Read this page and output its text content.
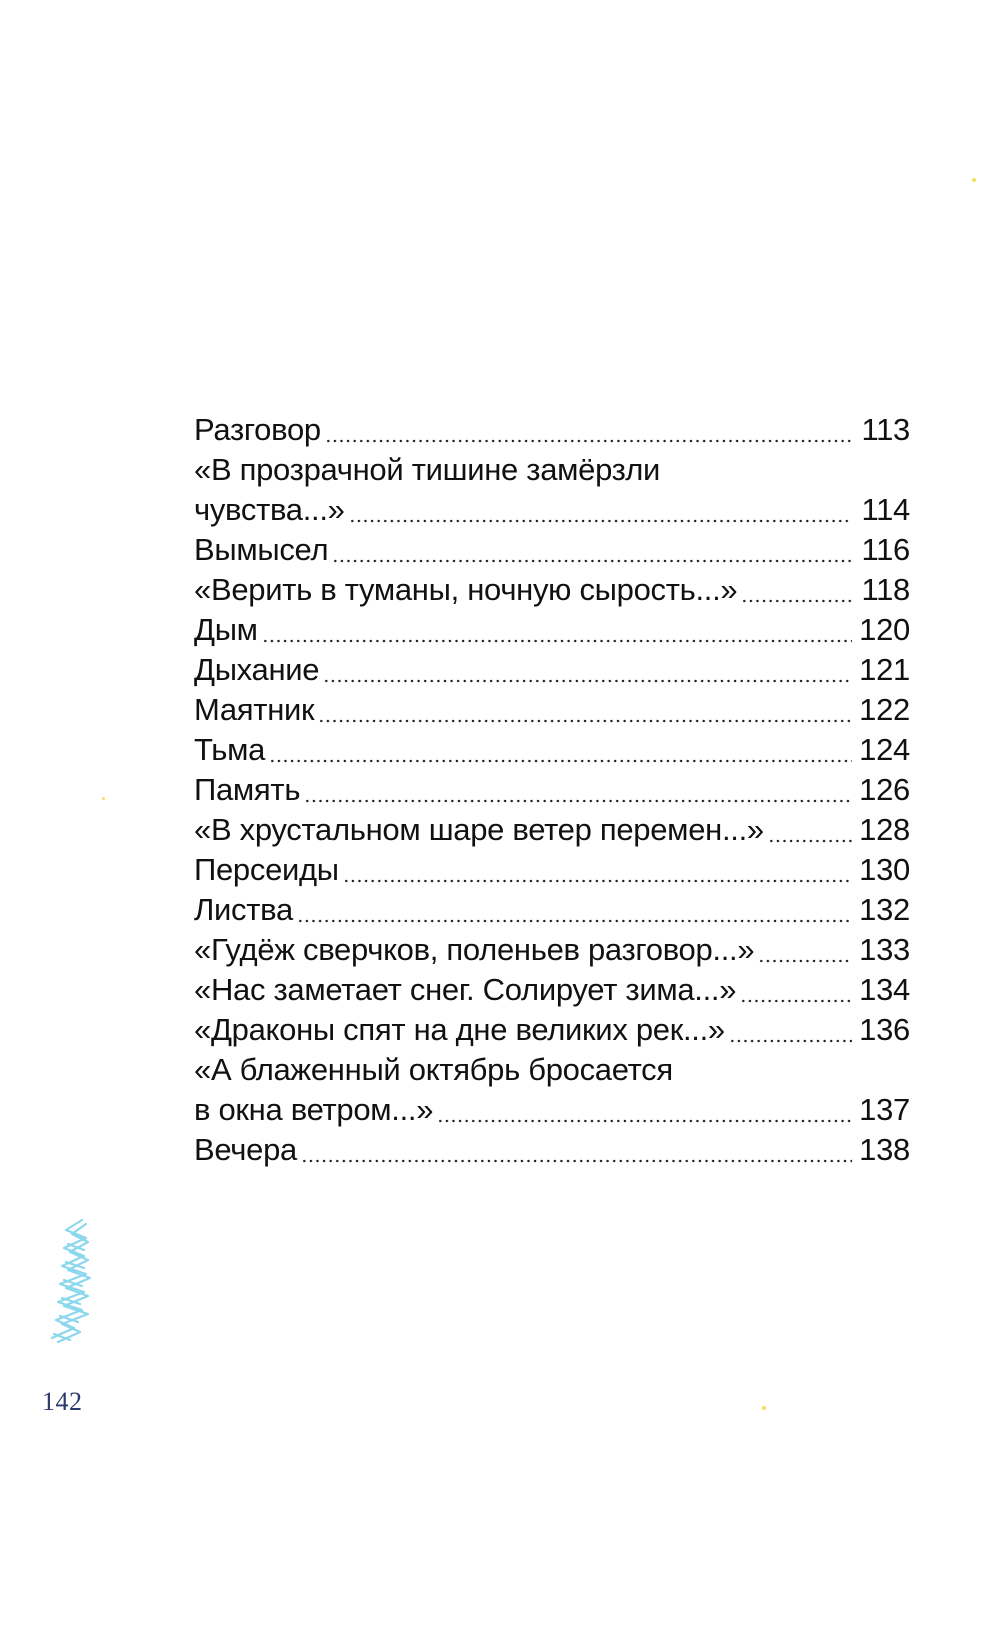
Разговор	113
«В прозрачной тишине замёрзли
чувства...»	114
Вымысел	116
«Верить в туманы, ночную сырость...»	118
Дым	120
Дыхание	121
Маятник	122
Тьма	124
Память	126
«В хрустальном шаре ветер перемен...»	128
Персеиды	130
Листва	132
«Гудёж сверчков, поленьев разговор...»	133
«Нас заметает снег. Солирует зима...»	134
«Драконы спят на дне великих рек...»	136
«А блаженный октябрь бросается
в окна ветром...»	137
Вечера	138
142
